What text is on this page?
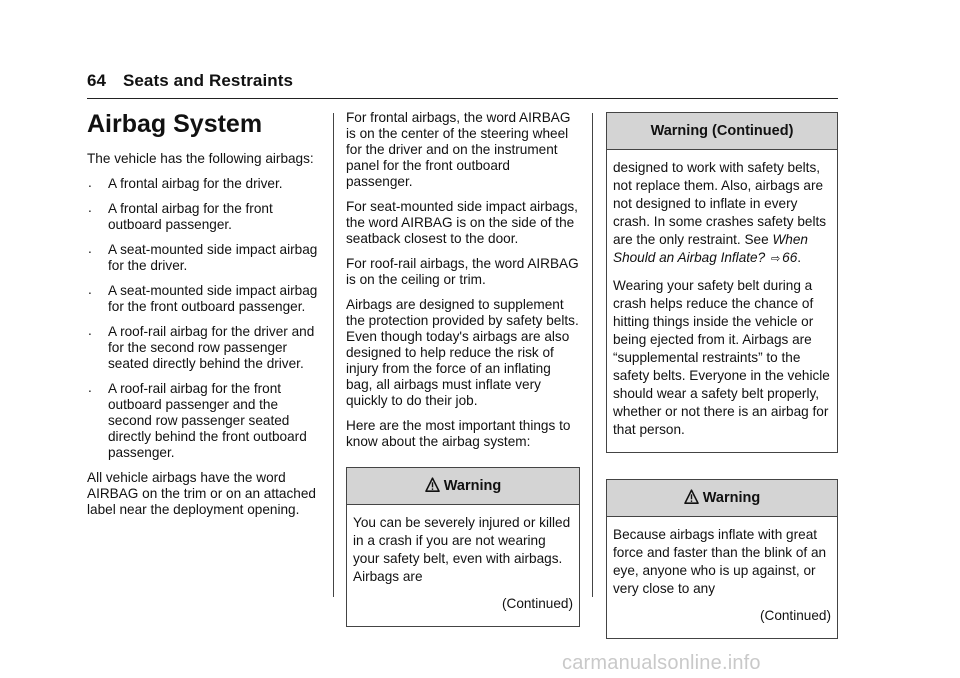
64 Seats and Restraints
Airbag System

The vehicle has the following airbags:

. A frontal airbag for the driver.
. A frontal airbag for the front outboard passenger.
. A seat-mounted side impact airbag for the driver.
. A seat-mounted side impact airbag for the front outboard passenger.
. A roof-rail airbag for the driver and for the second row passenger seated directly behind the driver.
. A roof-rail airbag for the front outboard passenger and the second row passenger seated directly behind the front outboard passenger.

All vehicle airbags have the word AIRBAG on the trim or on an attached label near the deployment opening.

For frontal airbags, the word AIRBAG is on the center of the steering wheel for the driver and on the instrument panel for the front outboard passenger.

For seat-mounted side impact airbags, the word AIRBAG is on the side of the seatback closest to the door.

For roof-rail airbags, the word AIRBAG is on the ceiling or trim.

Airbags are designed to supplement the protection provided by safety belts. Even though today's airbags are also designed to help reduce the risk of injury from the force of an inflating bag, all airbags must inflate very quickly to do their job.

Here are the most important things to know about the airbag system:

Warning

You can be severely injured or killed in a crash if you are not wearing your safety belt, even with airbags. Airbags are

(Continued)

Warning (Continued)

designed to work with safety belts, not replace them. Also, airbags are not designed to inflate in every crash. In some crashes safety belts are the only restraint. See When Should an Airbag Inflate? ⇨ 66.

Wearing your safety belt during a crash helps reduce the chance of hitting things inside the vehicle or being ejected from it. Airbags are “supplemental restraints” to the safety belts. Everyone in the vehicle should wear a safety belt properly, whether or not there is an airbag for that person.

Warning

Because airbags inflate with great force and faster than the blink of an eye, anyone who is up against, or very close to any

(Continued)

carmanualsonline.info
